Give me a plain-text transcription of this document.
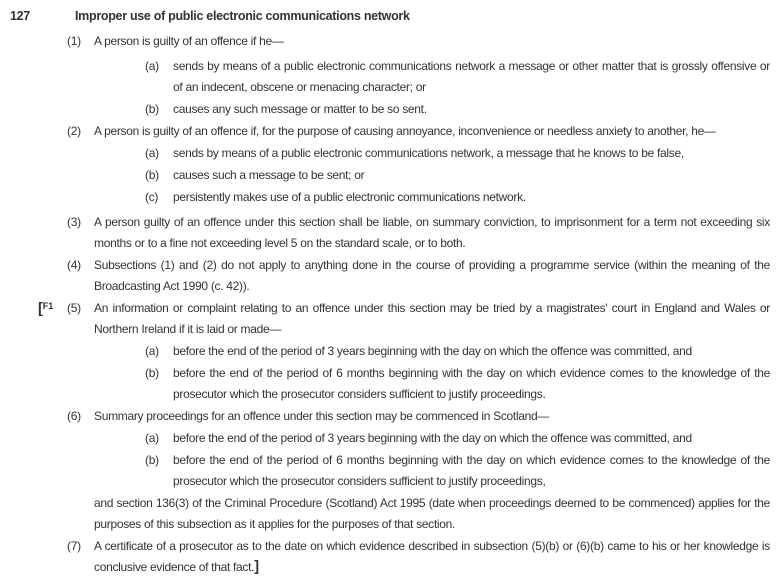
127	Improper use of public electronic communications network
(1)	A person is guilty of an offence if he—
(a)	sends by means of a public electronic communications network a message or other matter that is grossly offensive or of an indecent, obscene or menacing character; or
(b)	causes any such message or matter to be so sent.
(2)	A person is guilty of an offence if, for the purpose of causing annoyance, inconvenience or needless anxiety to another, he—
(a)	sends by means of a public electronic communications network, a message that he knows to be false,
(b)	causes such a message to be sent; or
(c)	persistently makes use of a public electronic communications network.
(3)	A person guilty of an offence under this section shall be liable, on summary conviction, to imprisonment for a term not exceeding six months or to a fine not exceeding level 5 on the standard scale, or to both.
(4)	Subsections (1) and (2) do not apply to anything done in the course of providing a programme service (within the meaning of the Broadcasting Act 1990 (c. 42)).
[$^{F1}$ (5)	An information or complaint relating to an offence under this section may be tried by a magistrates' court in England and Wales or Northern Ireland if it is laid or made—
(a)	before the end of the period of 3 years beginning with the day on which the offence was committed, and
(b)	before the end of the period of 6 months beginning with the day on which evidence comes to the knowledge of the prosecutor which the prosecutor considers sufficient to justify proceedings.
(6)	Summary proceedings for an offence under this section may be commenced in Scotland—
(a)	before the end of the period of 3 years beginning with the day on which the offence was committed, and
(b)	before the end of the period of 6 months beginning with the day on which evidence comes to the knowledge of the prosecutor which the prosecutor considers sufficient to justify proceedings,
and section 136(3) of the Criminal Procedure (Scotland) Act 1995 (date when proceedings deemed to be commenced) applies for the purposes of this subsection as it applies for the purposes of that section.
(7)	A certificate of a prosecutor as to the date on which evidence described in subsection (5)(b) or (6)(b) came to his or her knowledge is conclusive evidence of that fact.]
